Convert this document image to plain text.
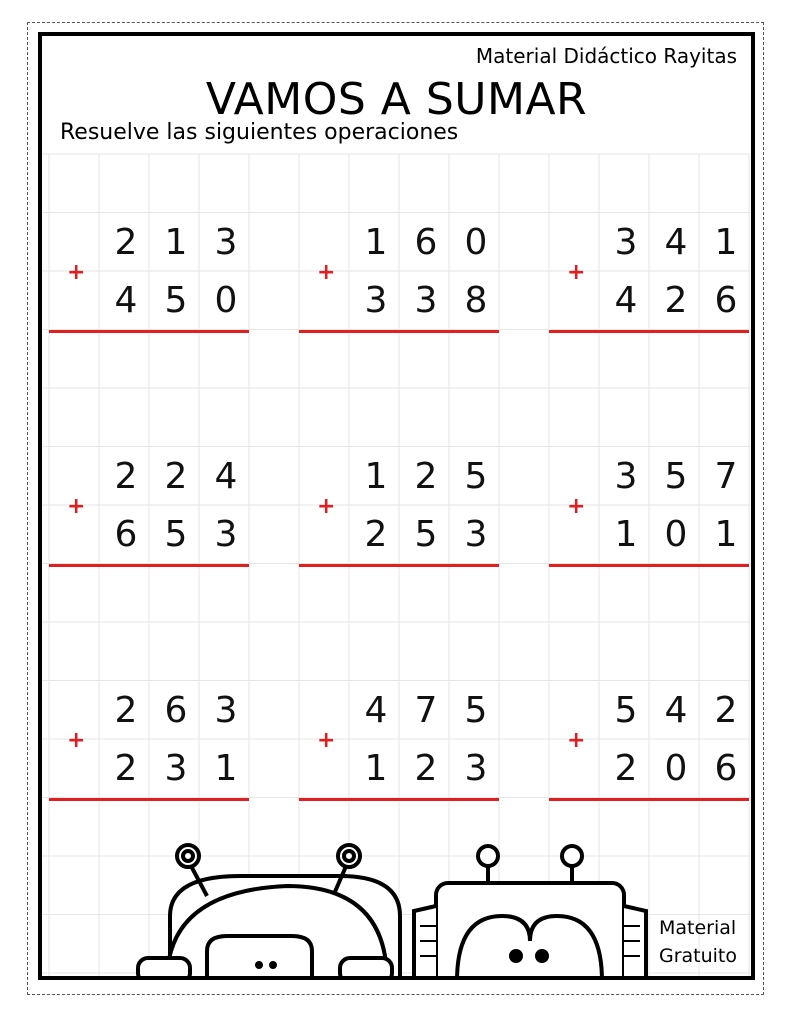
Material Didáctico Rayitas
VAMOS A SUMAR
Resuelve las siguientes operaciones
+
2 1 3
4 5 0
+
1 6 0
3 3 8
+
3 4 1
4 2 6
+
2 2 4
6 5 3
+
1 2 5
2 5 3
+
3 5 7
1 0 1
+
2 6 3
2 3 1
+
4 7 5
1 2 3
+
5 4 2
2 0 6
Material
Gratuito
